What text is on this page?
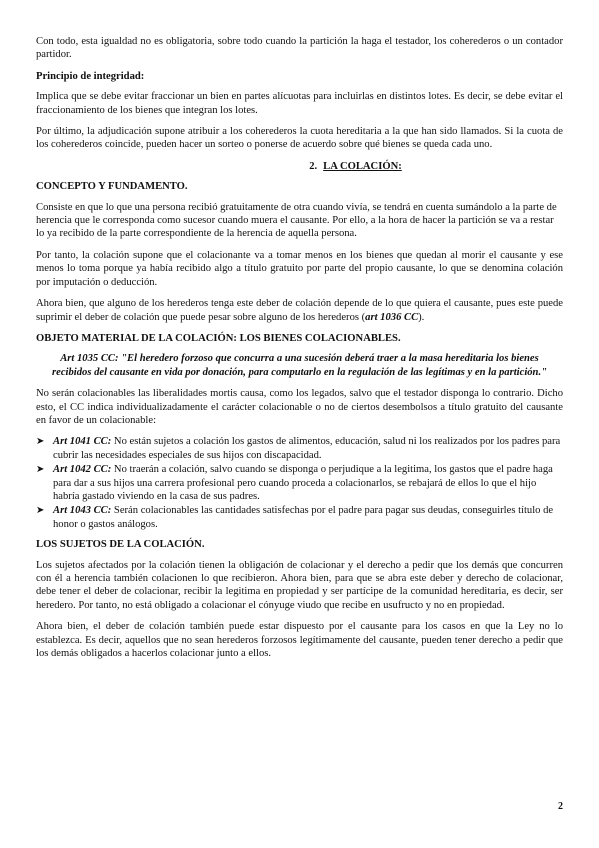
Con todo, esta igualdad no es obligatoria, sobre todo cuando la partición la haga el testador, los coherederos o un contador partidor.

Principio de integridad:

Implica que se debe evitar fraccionar un bien en partes alícuotas para incluirlas en distintos lotes. Es decir, se debe evitar el fraccionamiento de los bienes que integran los lotes.

Por último, la adjudicación supone atribuir a los coherederos la cuota hereditaria a la que han sido llamados. Si la cuota de los coherederos coincide, pueden hacer un sorteo o ponerse de acuerdo sobre qué bienes se queda cada uno.

2. LA COLACIÓN:

CONCEPTO Y FUNDAMENTO.

Consiste en que lo que una persona recibió gratuitamente de otra cuando vivía, se tendrá en cuenta sumándolo a la parte de herencia que le corresponda como sucesor cuando muera el causante. Por ello, a la hora de hacer la partición se va a restar lo ya recibido de la parte correspondiente de la herencia de aquella persona.

Por tanto, la colación supone que el colacionante va a tomar menos en los bienes que quedan al morir el causante y ese menos lo toma porque ya había recibido algo a título gratuito por parte del propio causante, lo que se denomina colación por imputación o deducción.

Ahora bien, que alguno de los herederos tenga este deber de colación depende de lo que quiera el causante, pues este puede suprimir el deber de colación que puede pesar sobre alguno de los herederos (art 1036 CC).

OBJETO MATERIAL DE LA COLACIÓN: LOS BIENES COLACIONABLES.

Art 1035 CC: "El heredero forzoso que concurra a una sucesión deberá traer a la masa hereditaria los bienes recibidos del causante en vida por donación, para computarlo en la regulación de las legítimas y en la partición."

No serán colacionables las liberalidades mortis causa, como los legados, salvo que el testador disponga lo contrario. Dicho esto, el CC indica individualizadamente el carácter colacionable o no de ciertos desembolsos a título gratuito del causante en favor de un colacionable:

➤ Art 1041 CC: No están sujetos a colación los gastos de alimentos, educación, salud ni los realizados por los padres para cubrir las necesidades especiales de sus hijos con discapacidad.
➤ Art 1042 CC: No traerán a colación, salvo cuando se disponga o perjudique a la legitima, los gastos que el padre haga para dar a sus hijos una carrera profesional pero cuando proceda a colacionarlos, se rebajará de ellos lo que el hijo habría gastado viviendo en la casa de sus padres.
➤ Art 1043 CC: Serán colacionables las cantidades satisfechas por el padre para pagar sus deudas, conseguirles título de honor o gastos análogos.

LOS SUJETOS DE LA COLACIÓN.

Los sujetos afectados por la colación tienen la obligación de colacionar y el derecho a pedir que los demás que concurren con él a herencia también colacionen lo que recibieron. Ahora bien, para que se abra este deber y derecho de colacionar, debe tener el deber de colacionar, recibir la legitima en propiedad y ser partícipe de la comunidad hereditaria, es decir, ser heredero. Por tanto, no está obligado a colacionar el cónyuge viudo que recibe en usufructo y no en propiedad.

Ahora bien, el deber de colación también puede estar dispuesto por el causante para los casos en que la Ley no lo establezca. Es decir, aquellos que no sean herederos forzosos legítimamente del causante, pueden tener derecho a pedir que los demás obligados a hacerlos colacionar junto a ellos.

2
